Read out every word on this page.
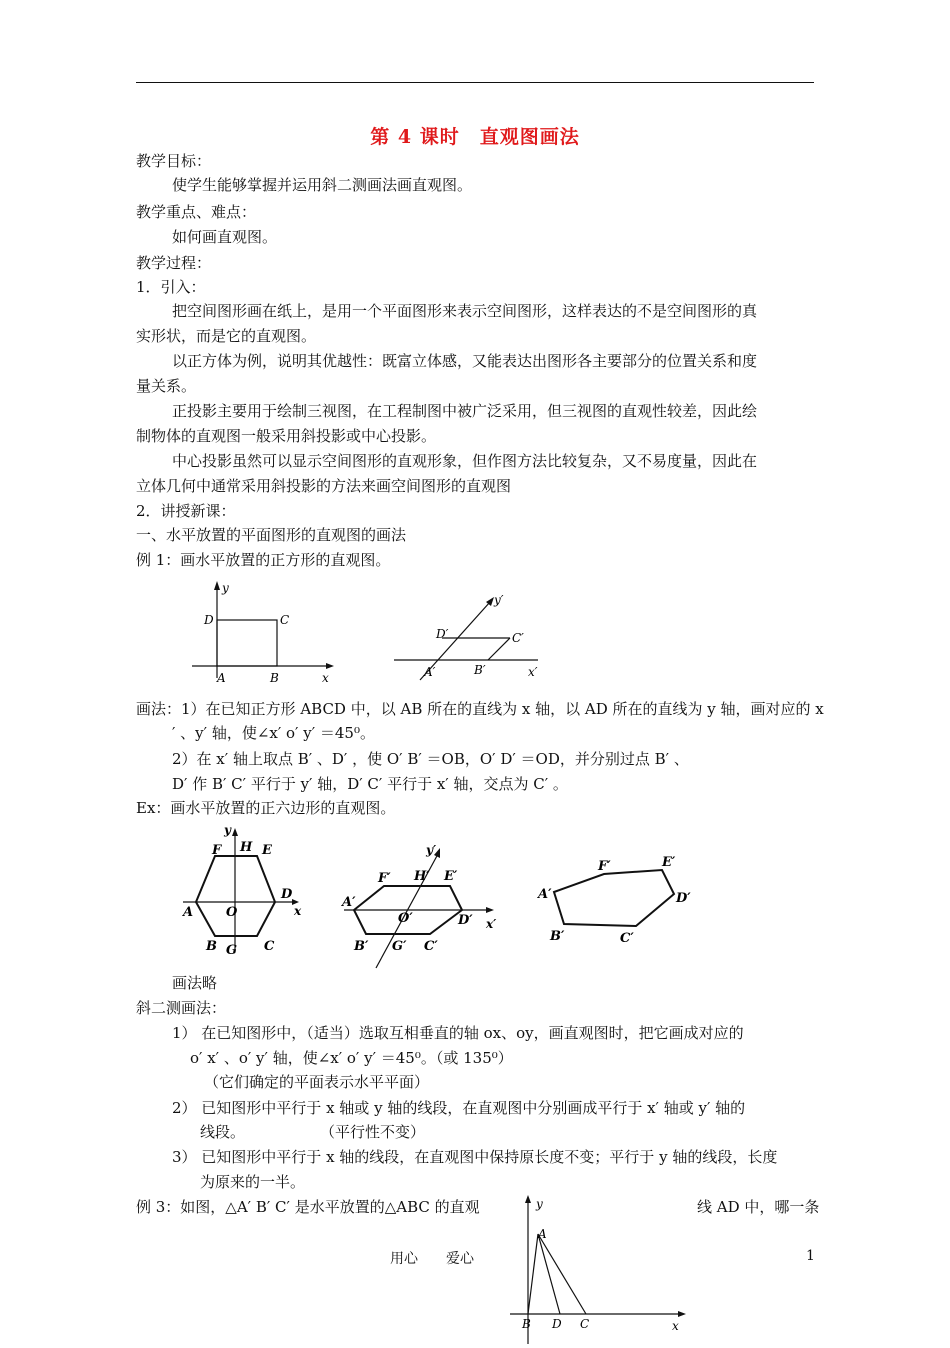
第 4 课时　直观图画法
教学目标：
使学生能够掌握并运用斜二测画法画直观图。
教学重点、难点：
如何画直观图。
教学过程：
1．引入：
把空间图形画在纸上，是用一个平面图形来表示空间图形，这样表达的不是空间图形的真
实形状，而是它的直观图。
以正方体为例，说明其优越性：既富立体感，又能表达出图形各主要部分的位置关系和度
量关系。
正投影主要用于绘制三视图，在工程制图中被广泛采用，但三视图的直观性较差，因此绘
制物体的直观图一般采用斜投影或中心投影。
中心投影虽然可以显示空间图形的直观形象，但作图方法比较复杂，又不易度量，因此在
立体几何中通常采用斜投影的方法来画空间图形的直观图
2．讲授新课：
一、水平放置的平面图形的直观图的画法
例 1：画水平放置的正方形的直观图。
y
x
D	C
A	B
y′
x′
D′	C′
A′	B′
画法：1）在已知正方形 ABCD 中，以 AB 所在的直线为 x 轴，以 AD 所在的直线为 y 轴，画对应的 x
′ 、y′ 轴，使∠x′ o′ y′ ＝45⁰。
2）在 x′ 轴上取点 B′ 、D′ ，使 O′ B′ ＝OB，O′ D′ ＝OD，并分别过点 B′ 、
D′ 作 B′ C′ 平行于 y′ 轴，D′ C′ 平行于 x′ 轴，交点为 C′ 。
Ex：画水平放置的正六边形的直观图。
y
x
F H E
D
A	O
B G C
y′
x′
F′ H′ E′
A′
O′	D′
B′ G′ C′
F′	E′
A′	D′
B′	C′
画法略
斜二测画法：
1） 在已知图形中，（适当）选取互相垂直的轴 ox、oy，画直观图时，把它画成对应的
o′ x′ 、o′ y′ 轴，使∠x′ o′ y′ ＝45⁰。（或 135⁰）
（它们确定的平面表示水平平面）
2） 已知图形中平行于 x 轴或 y 轴的线段，在直观图中分别画成平行于 x′ 轴或 y′ 轴的
线段。　　　　　　（平行性不变）
3） 已知图形中平行于 x 轴的线段，在直观图中保持原长度不变；平行于 y 轴的线段，长度
为原来的一半。
例 3：如图，△A′ B′ C′ 是水平放置的△ABC 的直观	线 AD 中，哪一条
y
x
A
B D C
用心　　爱心	1
